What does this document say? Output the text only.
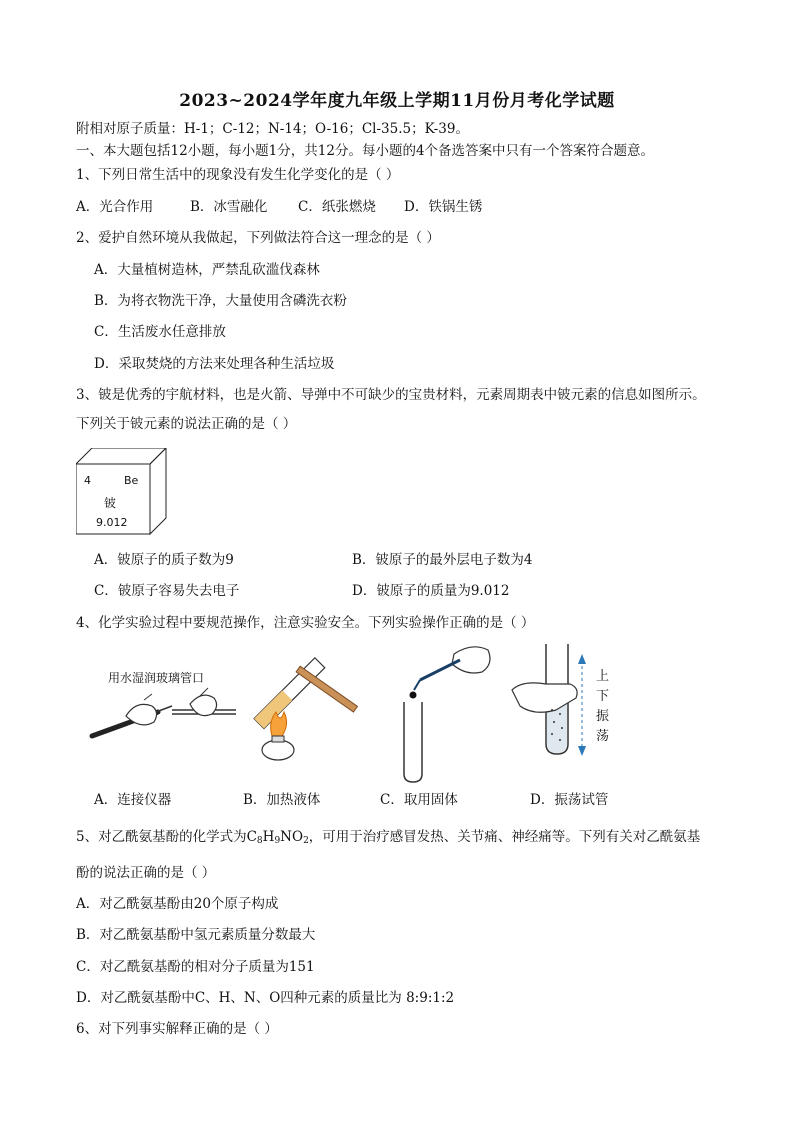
2023~2024学年度九年级上学期11月份月考化学试题
附相对原子质量：H-1；C-12；N-14；O-16；Cl-35.5；K-39。
一、本大题包括12小题，每小题1分，共12分。每小题的4个备选答案中只有一个答案符合题意。
1、下列日常生活中的现象没有发生化学变化的是（ ）
A．光合作用	B．冰雪融化 C．纸张燃烧 D．铁锅生锈
2、爱护自然环境从我做起，下列做法符合这一理念的是（ ）
A．大量植树造林，严禁乱砍滥伐森林
B．为将衣物洗干净，大量使用含磷洗衣粉
C．生活废水任意排放
D．采取焚烧的方法来处理各种生活垃圾
3、铍是优秀的宇航材料，也是火箭、导弹中不可缺少的宝贵材料，元素周期表中铍元素的信息如图所示。
下列关于铍元素的说法正确的是（ ）
4	Be
铍
9.012
A．铍原子的质子数为9	B．铍原子的最外层电子数为4
C．铍原子容易失去电子	D．铍原子的质量为9.012
4、化学实验过程中要规范操作，注意实验安全。下列实验操作正确的是（ ）
用水湿润玻璃管口	上
下
振
荡
A．连接仪器	B．加热液体	C．取用固体	D．振荡试管
5、对乙酰氨基酚的化学式为$C_8H_9NO_2$，可用于治疗感冒发热、关节痛、神经痛等。下列有关对乙酰氨基
酚的说法正确的是（ ）
A．对乙酰氨基酚由20个原子构成
B．对乙酰氨基酚中氢元素质量分数最大
C．对乙酰氨基酚的相对分子质量为151
D．对乙酰氨基酚中C、H、N、O四种元素的质量比为 8:9:1:2
6、对下列事实解释正确的是（ ）
